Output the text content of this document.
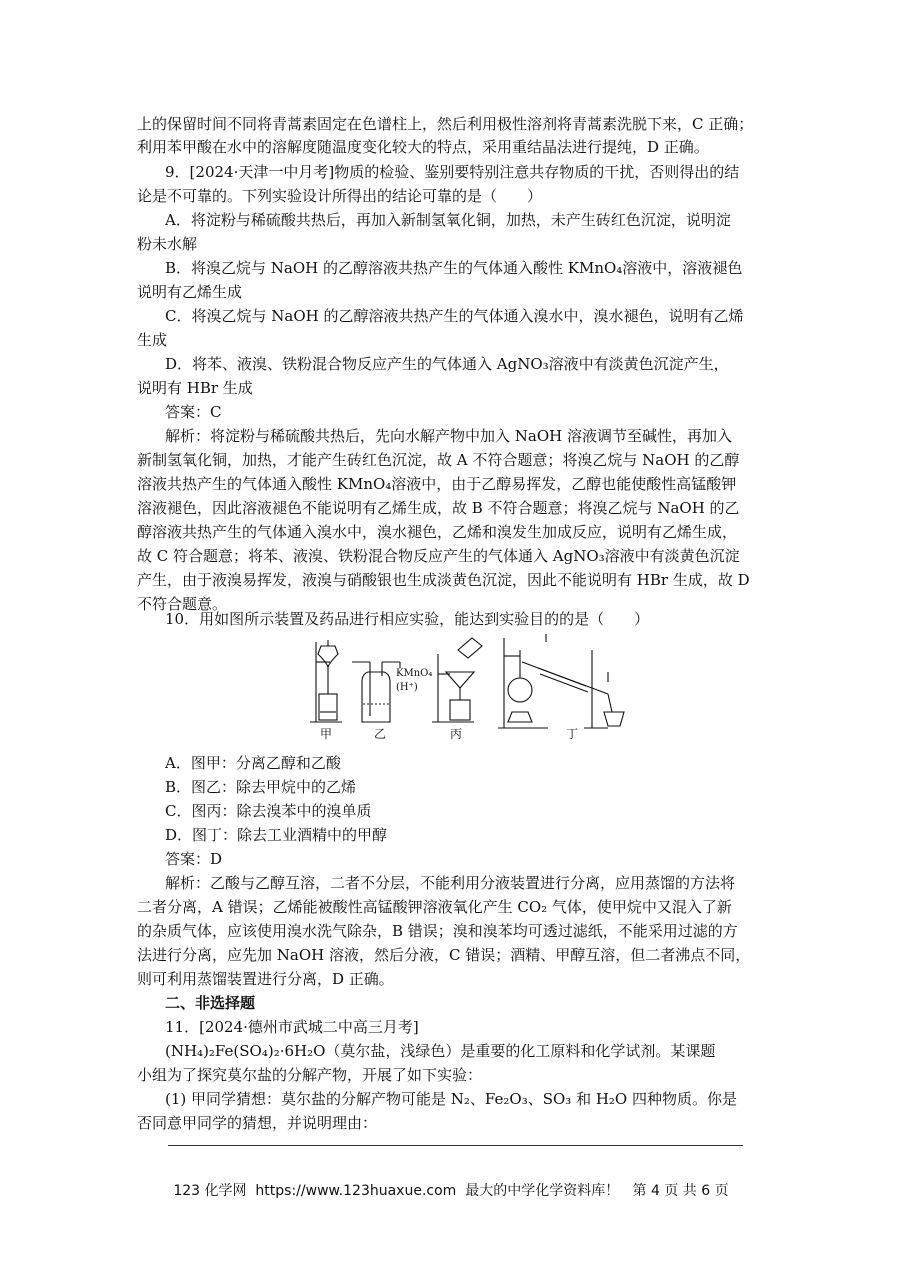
上的保留时间不同将青蒿素固定在色谱柱上，然后利用极性溶剂将青蒿素洗脱下来，C 正确；
利用苯甲酸在水中的溶解度随温度变化较大的特点，采用重结晶法进行提纯，D 正确。
9．[2024·天津一中月考]物质的检验、鉴别要特别注意共存物质的干扰，否则得出的结
论是不可靠的。下列实验设计所得出的结论可靠的是（　　）
A．将淀粉与稀硫酸共热后，再加入新制氢氧化铜，加热，未产生砖红色沉淀，说明淀
粉未水解
B．将溴乙烷与 NaOH 的乙醇溶液共热产生的气体通入酸性 KMnO₄溶液中，溶液褪色
说明有乙烯生成
C．将溴乙烷与 NaOH 的乙醇溶液共热产生的气体通入溴水中，溴水褪色，说明有乙烯
生成
D．将苯、液溴、铁粉混合物反应产生的气体通入 AgNO₃溶液中有淡黄色沉淀产生，
说明有 HBr 生成
答案：C
解析：将淀粉与稀硫酸共热后，先向水解产物中加入 NaOH 溶液调节至碱性，再加入
新制氢氧化铜，加热，才能产生砖红色沉淀，故 A 不符合题意；将溴乙烷与 NaOH 的乙醇
溶液共热产生的气体通入酸性 KMnO₄溶液中，由于乙醇易挥发，乙醇也能使酸性高锰酸钾
溶液褪色，因此溶液褪色不能说明有乙烯生成，故 B 不符合题意；将溴乙烷与 NaOH 的乙
醇溶液共热产生的气体通入溴水中，溴水褪色，乙烯和溴发生加成反应，说明有乙烯生成，
故 C 符合题意；将苯、液溴、铁粉混合物反应产生的气体通入 AgNO₃溶液中有淡黄色沉淀
产生，由于液溴易挥发，液溴与硝酸银也生成淡黄色沉淀，因此不能说明有 HBr 生成，故 D
不符合题意。
10．用如图所示装置及药品进行相应实验，能达到实验目的的是（　　）
A．图甲：分离乙醇和乙酸
B．图乙：除去甲烷中的乙烯
C．图丙：除去溴苯中的溴单质
D．图丁：除去工业酒精中的甲醇
答案：D
解析：乙酸与乙醇互溶，二者不分层，不能利用分液装置进行分离，应用蒸馏的方法将
二者分离，A 错误；乙烯能被酸性高锰酸钾溶液氧化产生 CO₂ 气体，使甲烷中又混入了新
的杂质气体，应该使用溴水洗气除杂，B 错误；溴和溴苯均可透过滤纸，不能采用过滤的方
法进行分离，应先加 NaOH 溶液，然后分液，C 错误；酒精、甲醇互溶，但二者沸点不同，
则可利用蒸馏装置进行分离，D 正确。
二、非选择题
11．[2024·德州市武城二中高三月考]
(NH₄)₂Fe(SO₄)₂·6H₂O（莫尔盐，浅绿色）是重要的化工原料和化学试剂。某课题
小组为了探究莫尔盐的分解产物，开展了如下实验：
(1) 甲同学猜想：莫尔盐的分解产物可能是 N₂、Fe₂O₃、SO₃ 和 H₂O 四种物质。你是
否同意甲同学的猜想，并说明理由：
KMnO₄
(H⁺)
甲	乙	丙	丁
123 化学网  https://www.123huaxue.com  最大的中学化学资料库！   第 4 页 共 6 页
